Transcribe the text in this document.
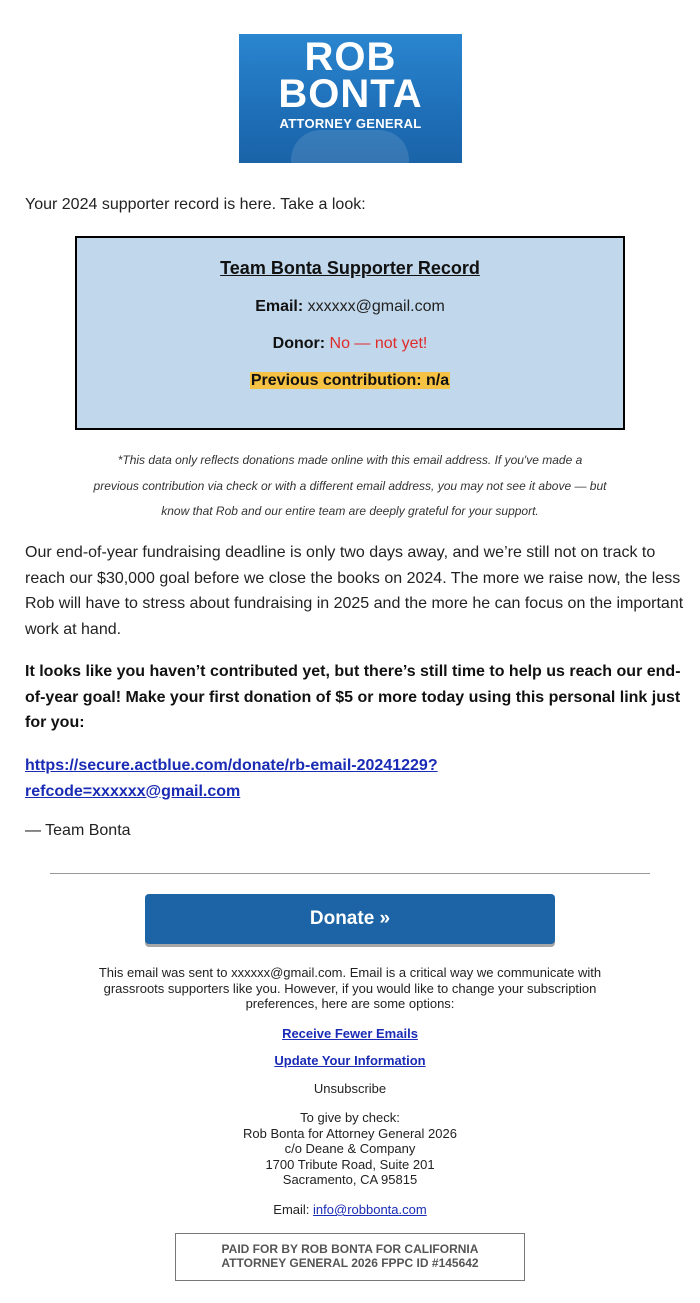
ROB
BONTA
ATTORNEY GENERAL
Your 2024 supporter record is here. Take a look:
Team Bonta Supporter Record
Email: xxxxxx@gmail.com
Donor: No — not yet!
Previous contribution: n/a
*This data only reflects donations made online with this email address. If you've made a
previous contribution via check or with a different email address, you may not see it above — but
know that Rob and our entire team are deeply grateful for your support.
Our end-of-year fundraising deadline is only two days away, and we’re still not on track to reach our $30,000 goal before we close the books on 2024. The more we raise now, the less Rob will have to stress about fundraising in 2025 and the more he can focus on the important work at hand.
It looks like you haven’t contributed yet, but there’s still time to help us reach our end-of-year goal! Make your first donation of $5 or more today using this personal link just for you:
https://secure.actblue.com/donate/rb-email-20241229?
refcode=xxxxxx@gmail.com
— Team Bonta
Donate »
This email was sent to xxxxxx@gmail.com. Email is a critical way we communicate with
grassroots supporters like you. However, if you would like to change your subscription
preferences, here are some options:
Receive Fewer Emails
Update Your Information
Unsubscribe
To give by check:
Rob Bonta for Attorney General 2026
c/o Deane & Company
1700 Tribute Road, Suite 201
Sacramento, CA 95815
Email: info@robbonta.com
PAID FOR BY ROB BONTA FOR CALIFORNIA
ATTORNEY GENERAL 2026 FPPC ID #145642
